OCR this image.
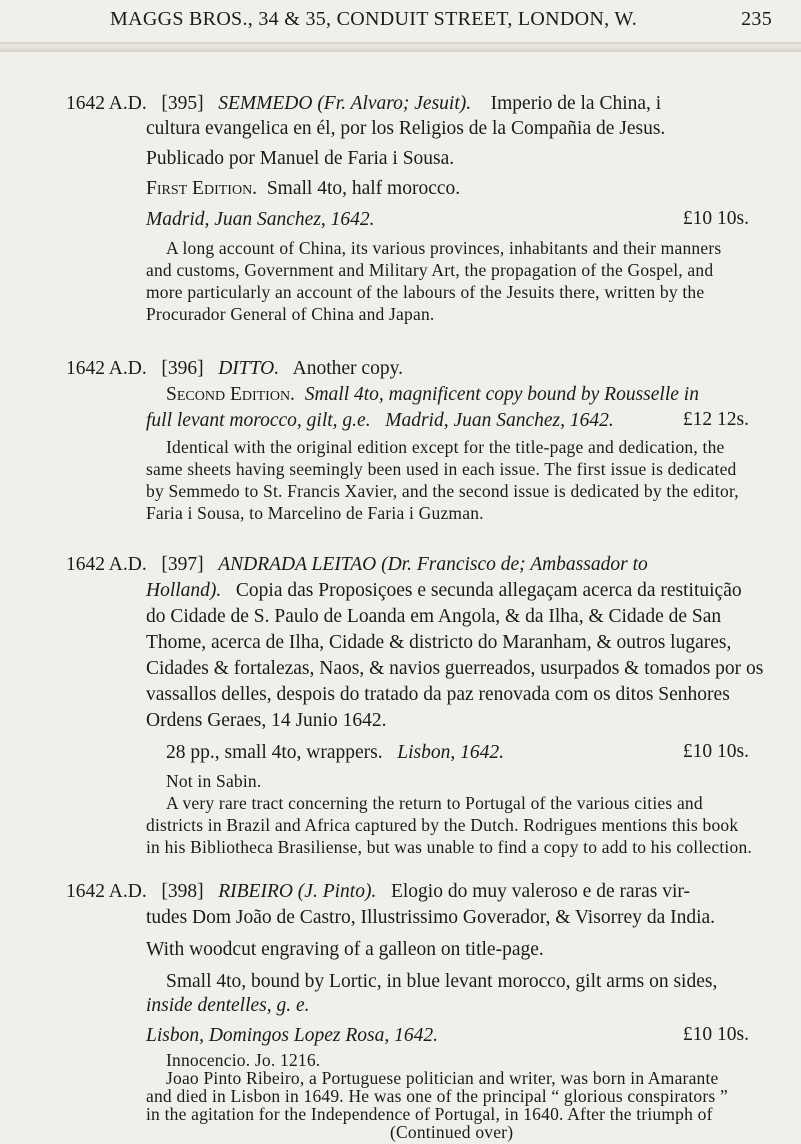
MAGGS BROS., 34 & 35, CONDUIT STREET, LONDON, W.	235
1642 A.D. [395] SEMMEDO (Fr. Alvaro; Jesuit). Imperio de la China, i
cultura evangelica en él, por los Religios de la Compañia de Jesus.
Publicado por Manuel de Faria i Sousa.
First Edition. Small 4to, half morocco.
Madrid, Juan Sanchez, 1642.	£10 10s.
A long account of China, its various provinces, inhabitants and their manners
and customs, Government and Military Art, the propagation of the Gospel, and
more particularly an account of the labours of the Jesuits there, written by the
Procurador General of China and Japan.
1642 A.D. [396] DITTO. Another copy.
Second Edition. Small 4to, magnificent copy bound by Rousselle in
full levant morocco, gilt, g.e. Madrid, Juan Sanchez, 1642.	£12 12s.
Identical with the original edition except for the title-page and dedication, the
same sheets having seemingly been used in each issue. The first issue is dedicated
by Semmedo to St. Francis Xavier, and the second issue is dedicated by the editor,
Faria i Sousa, to Marcelino de Faria i Guzman.
1642 A.D. [397] ANDRADA LEITAO (Dr. Francisco de; Ambassador to
Holland). Copia das Proposiçoes e secunda allegaçam acerca da restituição
do Cidade de S. Paulo de Loanda em Angola, & da Ilha, & Cidade de San
Thome, acerca de Ilha, Cidade & districto do Maranham, & outros lugares,
Cidades & fortalezas, Naos, & navios guerreados, usurpados & tomados por os
vassallos delles, despois do tratado da paz renovada com os ditos Senhores
Ordens Geraes, 14 Junio 1642.
28 pp., small 4to, wrappers. Lisbon, 1642.	£10 10s.
Not in Sabin.
A very rare tract concerning the return to Portugal of the various cities and
districts in Brazil and Africa captured by the Dutch. Rodrigues mentions this book
in his Bibliotheca Brasiliense, but was unable to find a copy to add to his collection.
1642 A.D. [398] RIBEIRO (J. Pinto). Elogio do muy valeroso e de raras vir-
tudes Dom João de Castro, Illustrissimo Goverador, & Visorrey da India.
With woodcut engraving of a galleon on title-page.
Small 4to, bound by Lortic, in blue levant morocco, gilt arms on sides,
inside dentelles, g. e.
Lisbon, Domingos Lopez Rosa, 1642.	£10 10s.
Innocencio. Jo. 1216.
Joao Pinto Ribeiro, a Portuguese politician and writer, was born in Amarante
and died in Lisbon in 1649. He was one of the principal “ glorious conspirators ”
in the agitation for the Independence of Portugal, in 1640. After the triumph of
(Continued over)
